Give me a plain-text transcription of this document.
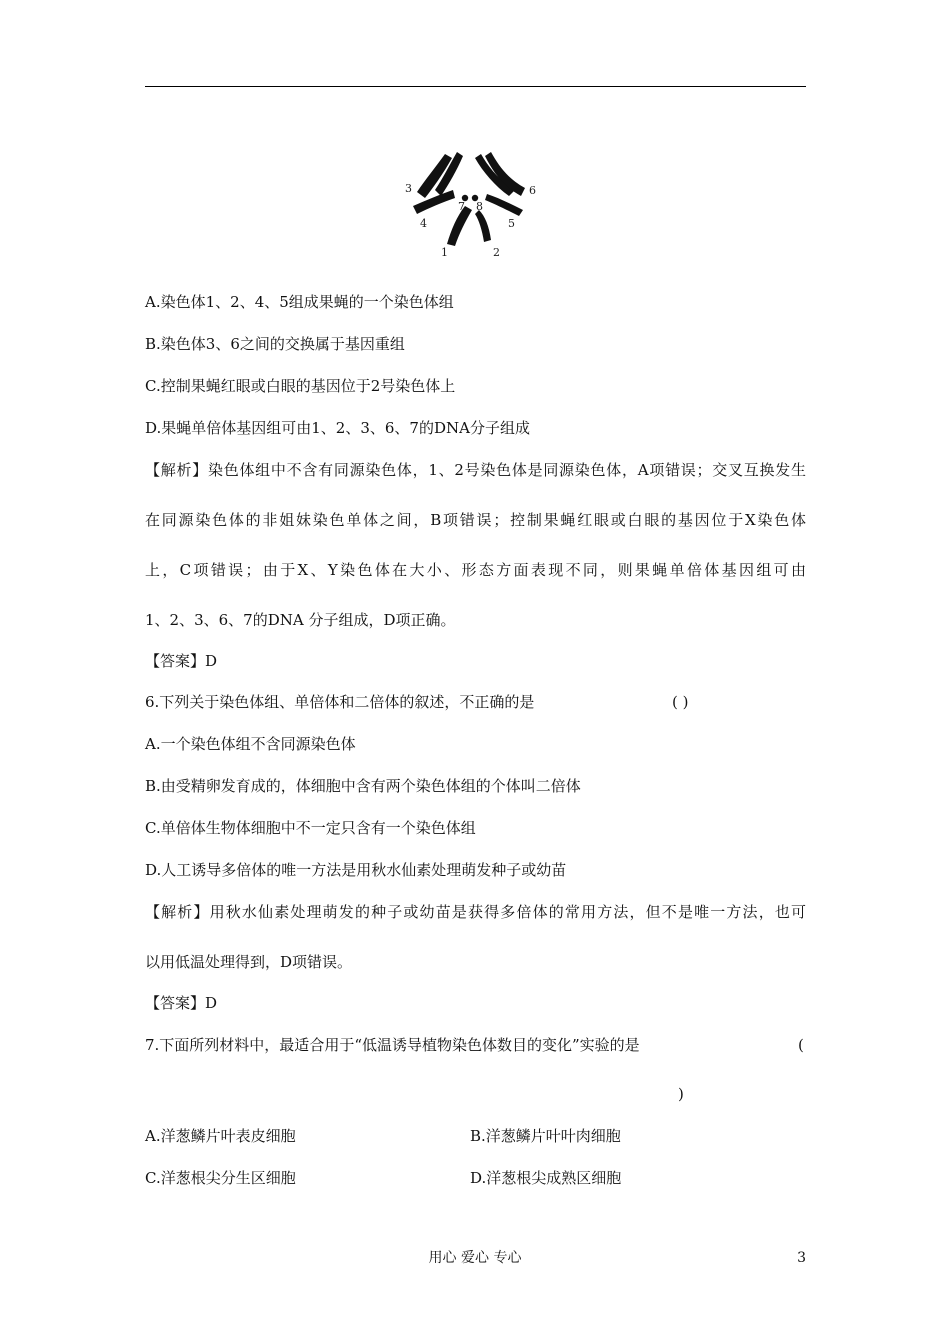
3	6
4
7 8
5
1	2
A.染色体1、2、4、5组成果蝇的一个染色体组
B.染色体3、6之间的交换属于基因重组
C.控制果蝇红眼或白眼的基因位于2号染色体上
D.果蝇单倍体基因组可由1、2、3、6、7的DNA分子组成
【解析】染色体组中不含有同源染色体，1、2号染色体是同源染色体，A项错误；交叉互换发生
在同源染色体的非姐妹染色单体之间，B项错误；控制果蝇红眼或白眼的基因位于X染色体
上，C项错误；由于X、Y染色体在大小、形态方面表现不同，则果蝇单倍体基因组可由
1、2、3、6、7的DNA 分子组成，D项正确。
【答案】D
6.下列关于染色体组、单倍体和二倍体的叙述，不正确的是	( )
A.一个染色体组不含同源染色体
B.由受精卵发育成的，体细胞中含有两个染色体组的个体叫二倍体
C.单倍体生物体细胞中不一定只含有一个染色体组
D.人工诱导多倍体的唯一方法是用秋水仙素处理萌发种子或幼苗
【解析】用秋水仙素处理萌发的种子或幼苗是获得多倍体的常用方法，但不是唯一方法，也可
以用低温处理得到，D项错误。
【答案】D
7.下面所列材料中，最适合用于“低温诱导植物染色体数目的变化”实验的是	(
)
A.洋葱鳞片叶表皮细胞	B.洋葱鳞片叶叶肉细胞
C.洋葱根尖分生区细胞	D.洋葱根尖成熟区细胞
用心 爱心 专心	3
